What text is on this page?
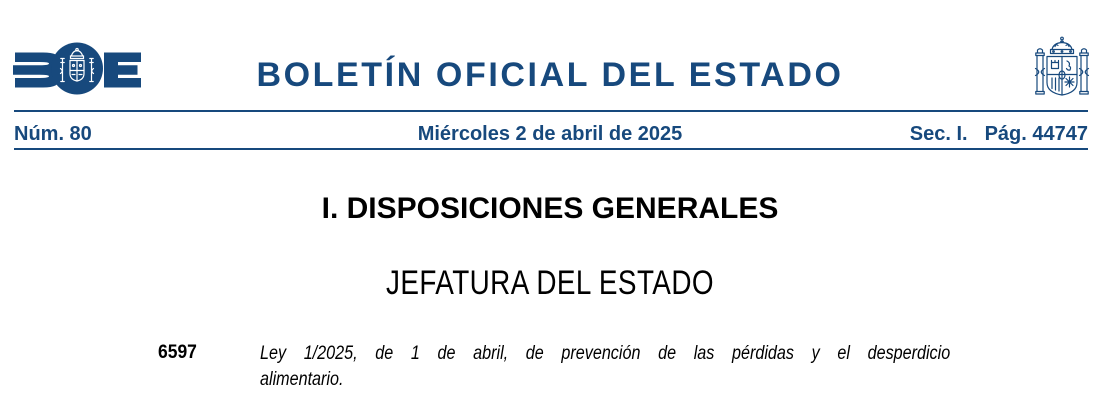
BOLETÍN OFICIAL DEL ESTADO
Núm. 80	Miércoles 2 de abril de 2025	Sec. I. Pág. 44747
I. DISPOSICIONES GENERALES
JEFATURA DEL ESTADO
6597	Ley 1/2025, de 1 de abril, de prevención de las pérdidas y el desperdicio
alimentario.
